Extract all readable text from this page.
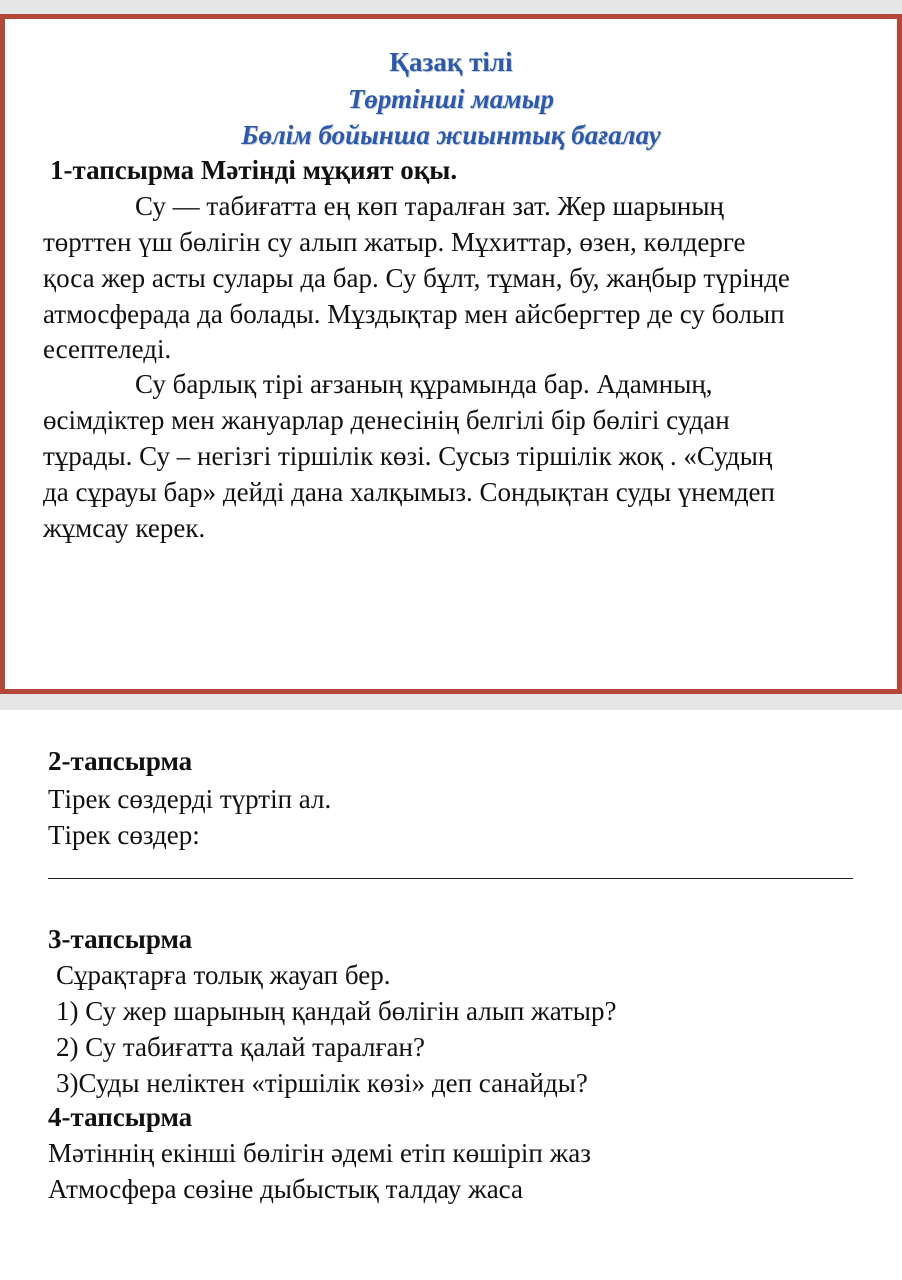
Қазақ тілі
Төртінші мамыр
Бөлім бойынша жиынтық бағалау
1-тапсырма Мәтінді мұқият оқы.
Су — табиғатта ең көп таралған зат. Жер шарының
төрттен үш бөлігін су алып жатыр. Мұхиттар, өзен, көлдерге
қоса жер асты сулары да бар. Су бұлт, тұман, бу, жаңбыр түрінде
атмосферада да болады. Мұздықтар мен айсбергтер де су болып
есептеледі.
Су барлық тірі ағзаның құрамында бар. Адамның,
өсімдіктер мен жануарлар денесінің белгілі бір бөлігі судан
тұрады. Су – негізгі тіршілік көзі. Сусыз тіршілік жоқ . «Судың
да сұрауы бар» дейді дана халқымыз. Сондықтан суды үнемдеп
жұмсау керек.
2-тапсырма
Тірек сөздерді түртіп ал.
Тірек сөздер:
3-тапсырма
Сұрақтарға толық жауап бер.
1) Су жер шарының қандай бөлігін алып жатыр?
2) Су табиғатта қалай таралған?
3)Суды неліктен «тіршілік көзі» деп санайды?
4-тапсырма
Мәтіннің екінші бөлігін әдемі етіп көшіріп жаз
Атмосфера сөзіне дыбыстық талдау жаса
